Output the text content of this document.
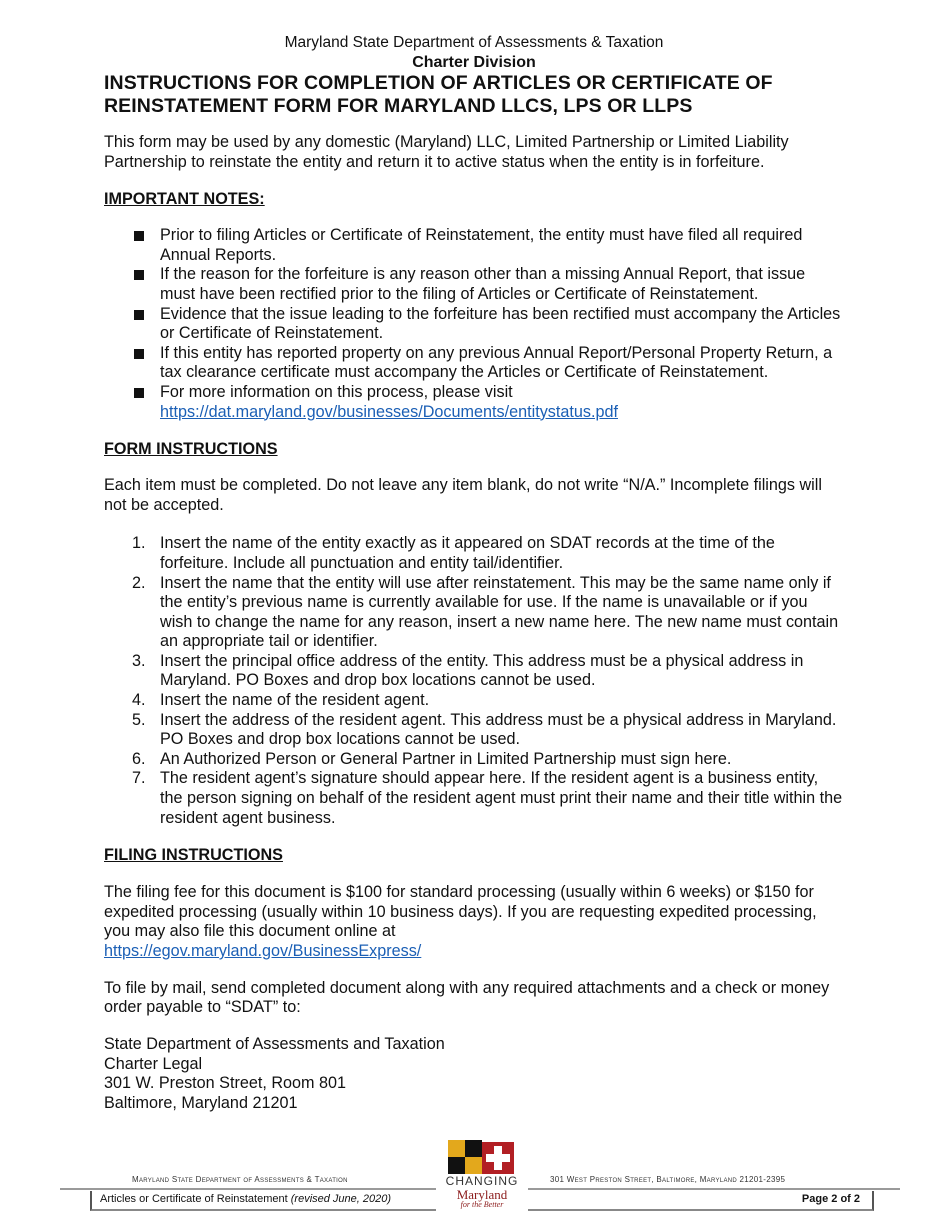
Maryland State Department of Assessments & Taxation
Charter Division
INSTRUCTIONS FOR COMPLETION OF ARTICLES OR CERTIFICATE OF
REINSTATEMENT FORM FOR MARYLAND LLCS, LPS OR LLPS

This form may be used by any domestic (Maryland) LLC, Limited Partnership or Limited Liability Partnership to reinstate the entity and return it to active status when the entity is in forfeiture.

IMPORTANT NOTES:
Prior to filing Articles or Certificate of Reinstatement, the entity must have filed all required Annual Reports.
If the reason for the forfeiture is any reason other than a missing Annual Report, that issue must have been rectified prior to the filing of Articles or Certificate of Reinstatement.
Evidence that the issue leading to the forfeiture has been rectified must accompany the Articles or Certificate of Reinstatement.
If this entity has reported property on any previous Annual Report/Personal Property Return, a tax clearance certificate must accompany the Articles or Certificate of Reinstatement.
For more information on this process, please visit
https://dat.maryland.gov/businesses/Documents/entitystatus.pdf
FORM INSTRUCTIONS

Each item must be completed. Do not leave any item blank, do not write “N/A.” Incomplete filings will not be accepted.

1. Insert the name of the entity exactly as it appeared on SDAT records at the time of the forfeiture. Include all punctuation and entity tail/identifier.
2. Insert the name that the entity will use after reinstatement. This may be the same name only if the entity’s previous name is currently available for use. If the name is unavailable or if you wish to change the name for any reason, insert a new name here. The new name must contain an appropriate tail or identifier.
3. Insert the principal office address of the entity. This address must be a physical address in Maryland. PO Boxes and drop box locations cannot be used.
4. Insert the name of the resident agent.
5. Insert the address of the resident agent. This address must be a physical address in Maryland. PO Boxes and drop box locations cannot be used.
6. An Authorized Person or General Partner in Limited Partnership must sign here.
7. The resident agent’s signature should appear here. If the resident agent is a business entity, the person signing on behalf of the resident agent must print their name and their title within the resident agent business.
FILING INSTRUCTIONS

The filing fee for this document is $100 for standard processing (usually within 6 weeks) or $150 for expedited processing (usually within 10 business days). If you are requesting expedited processing, you may also file this document online at
https://egov.maryland.gov/BusinessExpress/

To file by mail, send completed document along with any required attachments and a check or money order payable to “SDAT” to:

State Department of Assessments and Taxation
Charter Legal
301 W. Preston Street, Room 801
Baltimore, Maryland 21201
Maryland State Department of Assessments & Taxation	301 West Preston Street, Baltimore, Maryland 21201-2395
Articles or Certificate of Reinstatement (revised June, 2020)	Page 2 of 2
CHANGING
Maryland
for the Better
